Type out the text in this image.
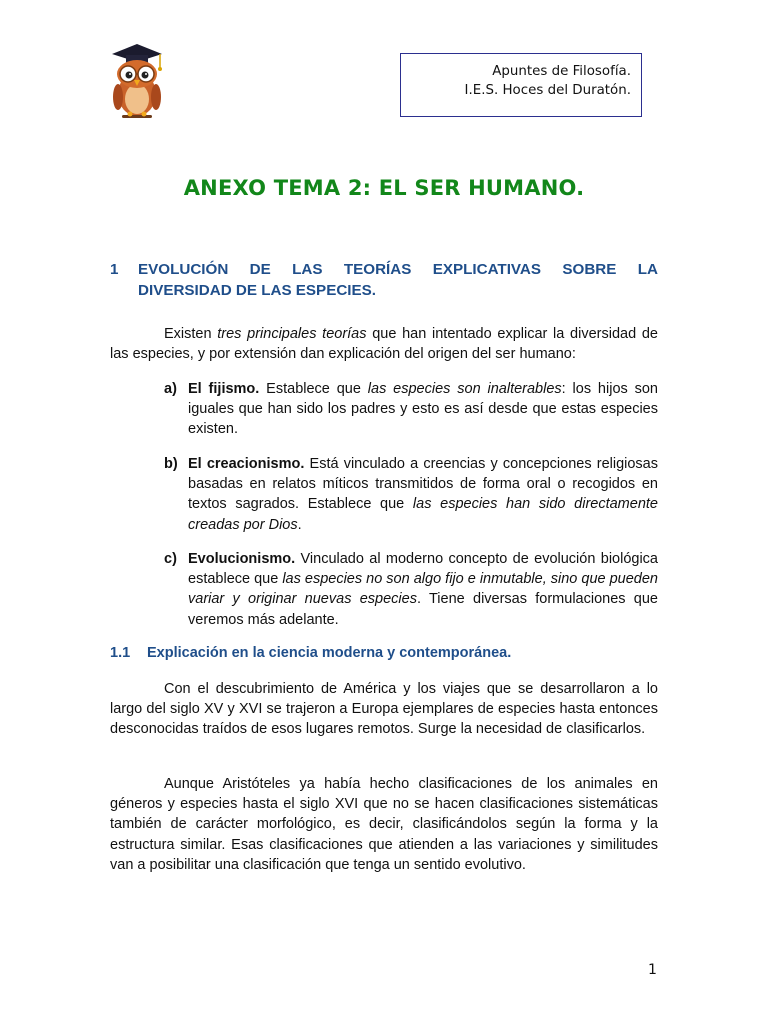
Apuntes de Filosofía.
I.E.S. Hoces del Duratón.
ANEXO TEMA 2: EL SER HUMANO.
1 EVOLUCIÓN DE LAS TEORÍAS EXPLICATIVAS SOBRE LA
DIVERSIDAD DE LAS ESPECIES.
Existen tres principales teorías que han intentado explicar la diversidad de las especies, y por extensión dan explicación del origen del ser humano:
a) El fijismo. Establece que las especies son inalterables: los hijos son iguales que han sido los padres y esto es así desde que estas especies existen.
b) El creacionismo. Está vinculado a creencias y concepciones religiosas basadas en relatos míticos transmitidos de forma oral o recogidos en textos sagrados. Establece que las especies han sido directamente creadas por Dios.
c) Evolucionismo. Vinculado al moderno concepto de evolución biológica establece que las especies no son algo fijo e inmutable, sino que pueden variar y originar nuevas especies. Tiene diversas formulaciones que veremos más adelante.
1.1 Explicación en la ciencia moderna y contemporánea.
Con el descubrimiento de América y los viajes que se desarrollaron a lo largo del siglo XV y XVI se trajeron a Europa ejemplares de especies hasta entonces desconocidas traídos de esos lugares remotos. Surge la necesidad de clasificarlos.
Aunque Aristóteles ya había hecho clasificaciones de los animales en géneros y especies hasta el siglo XVI que no se hacen clasificaciones sistemáticas también de carácter morfológico, es decir, clasificándolos según la forma y la estructura similar. Esas clasificaciones que atienden a las variaciones y similitudes van a posibilitar una clasificación que tenga un sentido evolutivo.
1
